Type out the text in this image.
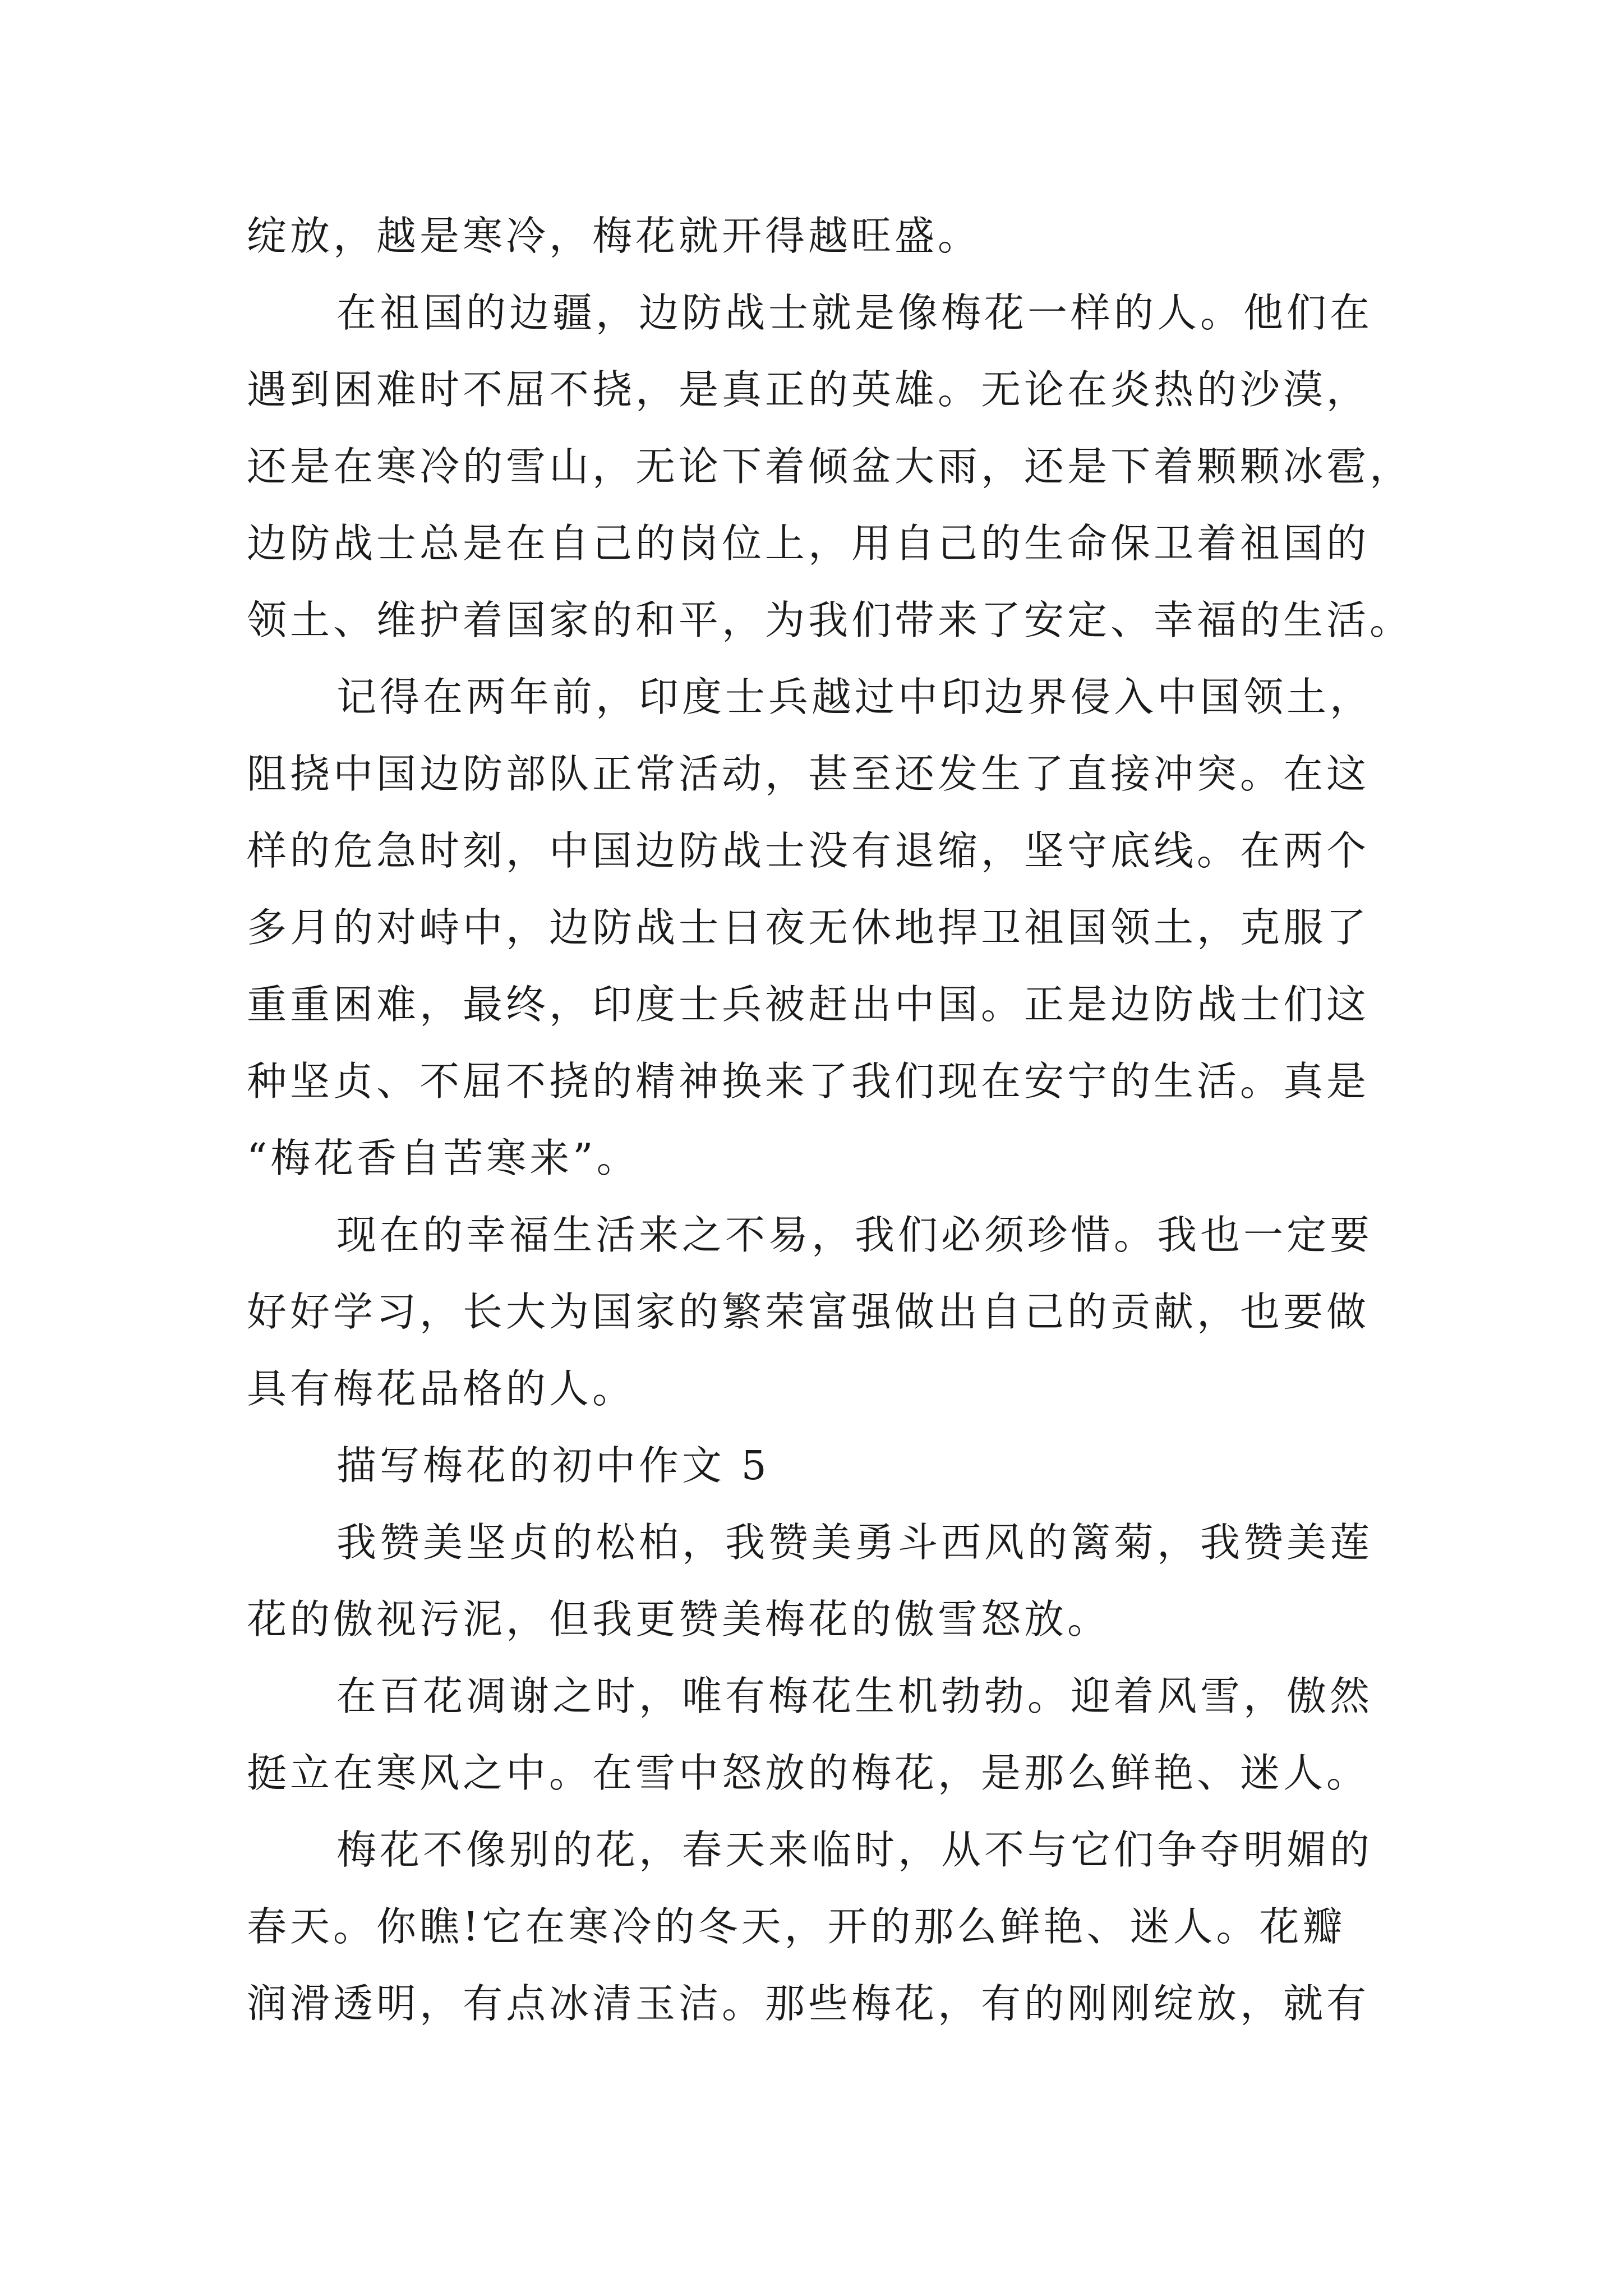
绽放，越是寒冷，梅花就开得越旺盛。
在祖国的边疆，边防战士就是像梅花一样的人。他们在
遇到困难时不屈不挠，是真正的英雄。无论在炎热的沙漠，
还是在寒冷的雪山，无论下着倾盆大雨，还是下着颗颗冰雹，
边防战士总是在自己的岗位上，用自己的生命保卫着祖国的
领土、维护着国家的和平，为我们带来了安定、幸福的生活。
记得在两年前，印度士兵越过中印边界侵入中国领土，
阻挠中国边防部队正常活动，甚至还发生了直接冲突。在这
样的危急时刻，中国边防战士没有退缩，坚守底线。在两个
多月的对峙中，边防战士日夜无休地捍卫祖国领土，克服了
重重困难，最终，印度士兵被赶出中国。正是边防战士们这
种坚贞、不屈不挠的精神换来了我们现在安宁的生活。真是
“梅花香自苦寒来”。
现在的幸福生活来之不易，我们必须珍惜。我也一定要
好好学习，长大为国家的繁荣富强做出自己的贡献，也要做
具有梅花品格的人。
描写梅花的初中作文 5
我赞美坚贞的松柏，我赞美勇斗西风的篱菊，我赞美莲
花的傲视污泥，但我更赞美梅花的傲雪怒放。
在百花凋谢之时，唯有梅花生机勃勃。迎着风雪，傲然
挺立在寒风之中。在雪中怒放的梅花，是那么鲜艳、迷人。
梅花不像别的花，春天来临时，从不与它们争夺明媚的
春天。你瞧!它在寒冷的冬天，开的那么鲜艳、迷人。花瓣
润滑透明，有点冰清玉洁。那些梅花，有的刚刚绽放，就有
